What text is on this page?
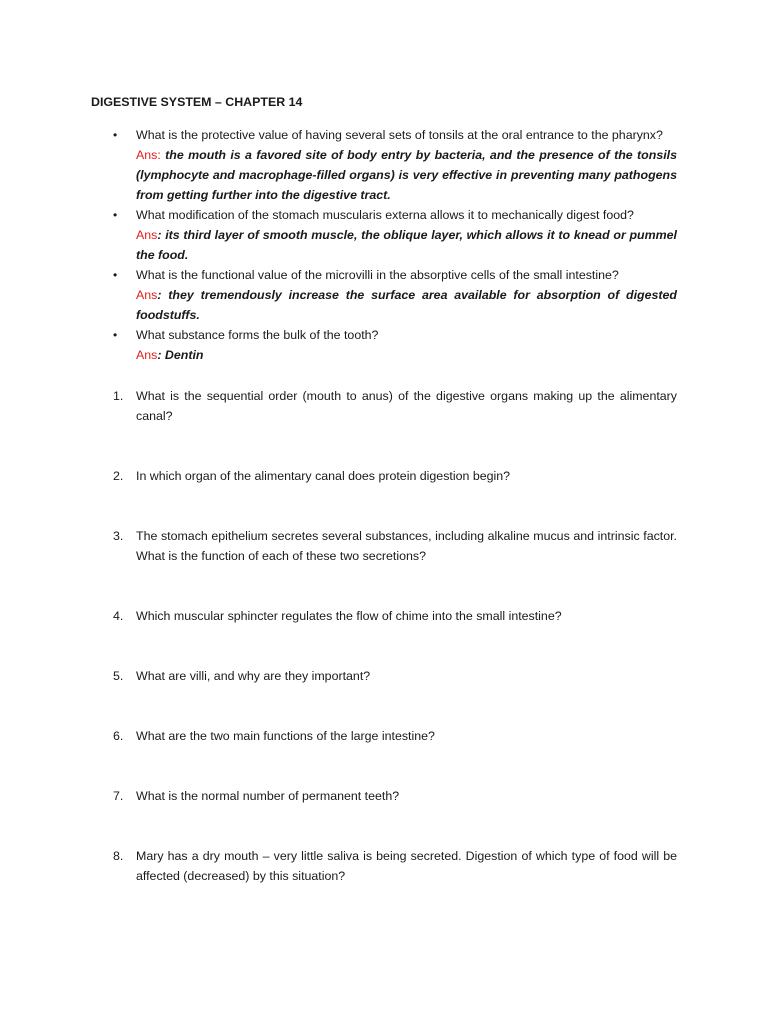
DIGESTIVE SYSTEM – CHAPTER 14
• What is the protective value of having several sets of tonsils at the oral entrance to the pharynx?
Ans: the mouth is a favored site of body entry by bacteria, and the presence of the tonsils (lymphocyte and macrophage-filled organs) is very effective in preventing many pathogens from getting further into the digestive tract.
• What modification of the stomach muscularis externa allows it to mechanically digest food?
Ans: its third layer of smooth muscle, the oblique layer, which allows it to knead or pummel the food.
• What is the functional value of the microvilli in the absorptive cells of the small intestine?
Ans: they tremendously increase the surface area available for absorption of digested foodstuffs.
• What substance forms the bulk of the tooth?
Ans: Dentin
1. What is the sequential order (mouth to anus) of the digestive organs making up the alimentary canal?
2. In which organ of the alimentary canal does protein digestion begin?
3. The stomach epithelium secretes several substances, including alkaline mucus and intrinsic factor. What is the function of each of these two secretions?
4. Which muscular sphincter regulates the flow of chime into the small intestine?
5. What are villi, and why are they important?
6. What are the two main functions of the large intestine?
7. What is the normal number of permanent teeth?
8. Mary has a dry mouth – very little saliva is being secreted. Digestion of which type of food will be affected (decreased) by this situation?
